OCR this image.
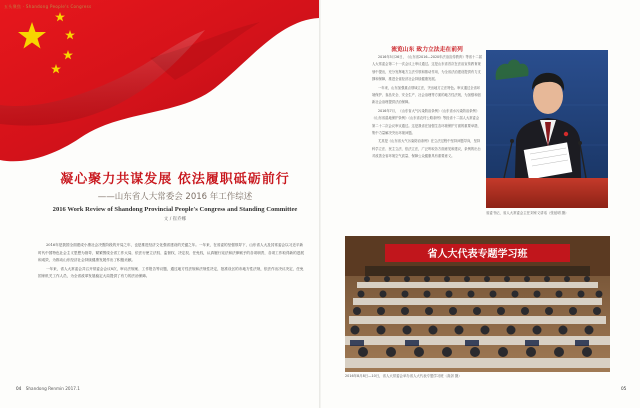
五头聚焦 · Shandong People's Congress
凝心聚力共谋发展 依法履职砥砺前行
——山东省人大常委会 2016 年工作综述
2016 Work Review of Shandong Provincial People's Congress and Standing Committee
文 / 崔乔娜

2016年是我国全面建成小康社会决胜阶段的开局之年，也是推进经济文化强省建设的关键之年。一年来，在省委的坚强领导下，山东省人大及其常委会以习近平新时代中国特色社会主义思想为指导，紧紧围绕全省工作大局，依法行使立法权、监督权、决定权、任免权，认真履行宪法和法律赋予的各项职责，各项工作取得新的进展和成效，为推动山东经济社会持续健康发展作出了积极贡献。

一年来，省人大常委会共召开常委会会议8次，审议法规案、工作报告等议题，通过地方性法规和法规性决定，批准设区的市地方性法规，依法作出决议决定，任免国家机关工作人员，为全省改革发展稳定大局提供了有力的法治保障。

04 Shandong Renmin 2017.1
流览山东 致力立法走在前列

2016年5月26日，《山东省2016—2020年法治宣传教育》等省十二届人大常委会第二十一次会议上审议通过。这是山东省首次在法治宣传教育规划中提出，充分发挥地方立法引领和推动作用，为全省法治建设提供有力支撑和保障，推进全省经济社会持续健康发展。

一年来，山东加强重点领域立法，突出地方立法特色。审议通过全省环境保护、食品安全、安全生产、社会治理等方面的地方性法规，为加强和创新社会治理提供法治保障。

2016年7月，《山东省大气污染防治条例》《山东省水污染防治条例》《山东省湿地保护条例》《山东省农村公路条例》等经省十二届人大常委会第二十二次会议审议通过。这是我省在加强生态环境保护方面的重要举措，集中力量解决突出环境问题。

尤其是《山东省大气污染防治条例》在立法过程中坚持问题导向，坚持科学立法、民主立法、依法立法，广泛听取各方面意见和建议，条例的出台对改善全省环境空气质量、保障公众健康具有重要意义。

省委书记、省人大常委会主任刘家义讲话（张延明 摄）
省人大代表专题学习班
2016年8月8日—10日，省人大常委会举办省人大代表专题学习班（高剑 摄）
05
